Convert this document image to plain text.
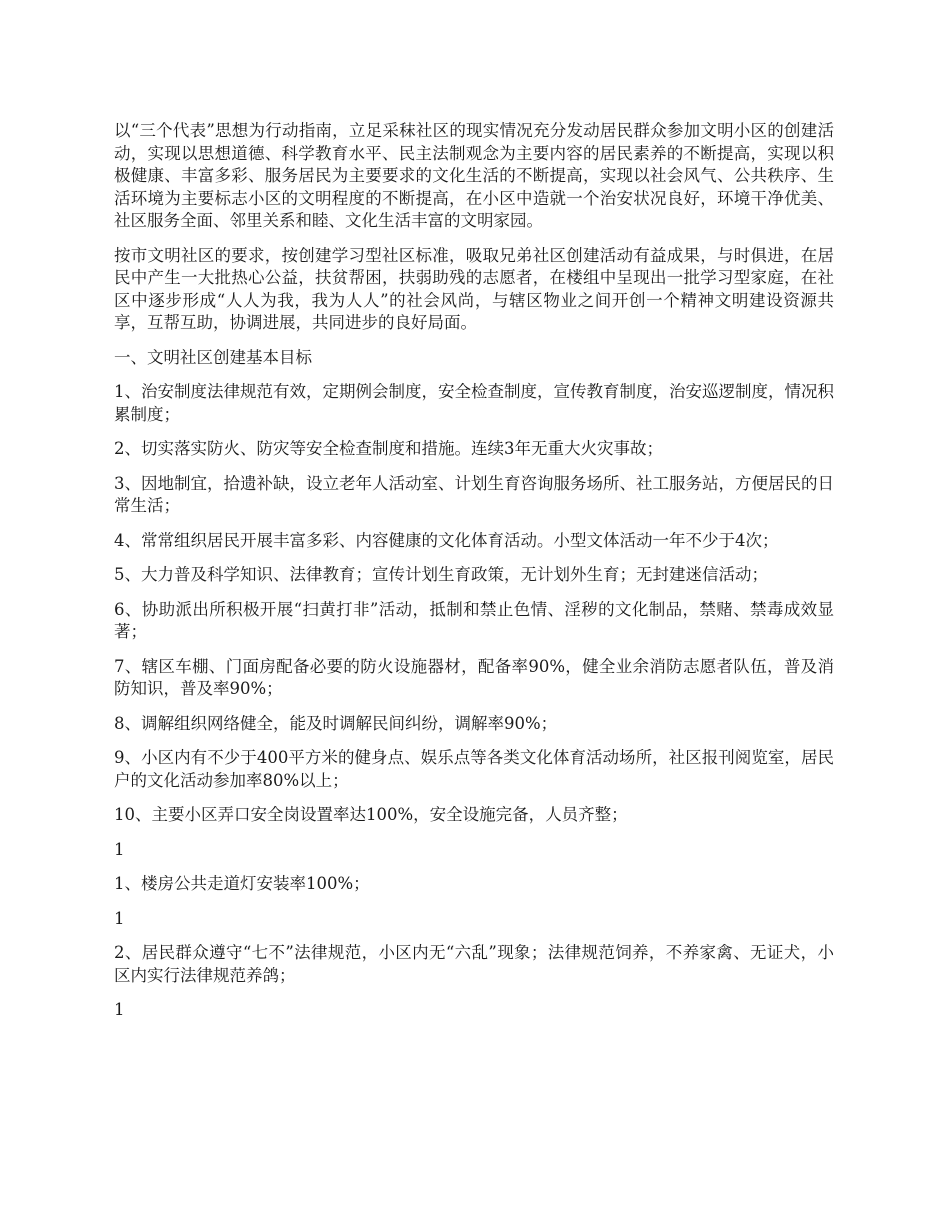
以“三个代表”思想为行动指南，立足采秣社区的现实情况充分发动居民群众参加文明小区的创建活动，实现以思想道德、科学教育水平、民主法制观念为主要内容的居民素养的不断提高，实现以积极健康、丰富多彩、服务居民为主要要求的文化生活的不断提高，实现以社会风气、公共秩序、生活环境为主要标志小区的文明程度的不断提高，在小区中造就一个治安状况良好，环境干净优美、社区服务全面、邻里关系和睦、文化生活丰富的文明家园。

按市文明社区的要求，按创建学习型社区标准，吸取兄弟社区创建活动有益成果，与时俱进，在居民中产生一大批热心公益，扶贫帮困，扶弱助残的志愿者，在楼组中呈现出一批学习型家庭，在社区中逐步形成“人人为我，我为人人”的社会风尚，与辖区物业之间开创一个精神文明建设资源共享，互帮互助，协调进展，共同进步的良好局面。

一、文明社区创建基本目标

1、治安制度法律规范有效，定期例会制度，安全检查制度，宣传教育制度，治安巡逻制度，情况积累制度；

2、切实落实防火、防灾等安全检查制度和措施。连续3年无重大火灾事故；

3、因地制宜，拾遗补缺，设立老年人活动室、计划生育咨询服务场所、社工服务站，方便居民的日常生活；

4、常常组织居民开展丰富多彩、内容健康的文化体育活动。小型文体活动一年不少于4次；

5、大力普及科学知识、法律教育；宣传计划生育政策，无计划外生育；无封建迷信活动；

6、协助派出所积极开展“扫黄打非”活动，抵制和禁止色情、淫秽的文化制品，禁赌、禁毒成效显著；

7、辖区车棚、门面房配备必要的防火设施器材，配备率90%，健全业余消防志愿者队伍，普及消防知识，普及率90%；

8、调解组织网络健全，能及时调解民间纠纷，调解率90%；

9、小区内有不少于400平方米的健身点、娱乐点等各类文化体育活动场所，社区报刊阅览室，居民户的文化活动参加率80%以上；

10、主要小区弄口安全岗设置率达100%，安全设施完备，人员齐整；

1

1、楼房公共走道灯安装率100%；

1

2、居民群众遵守“七不”法律规范，小区内无“六乱”现象；法律规范饲养，不养家禽、无证犬，小区内实行法律规范养鸽；

1
